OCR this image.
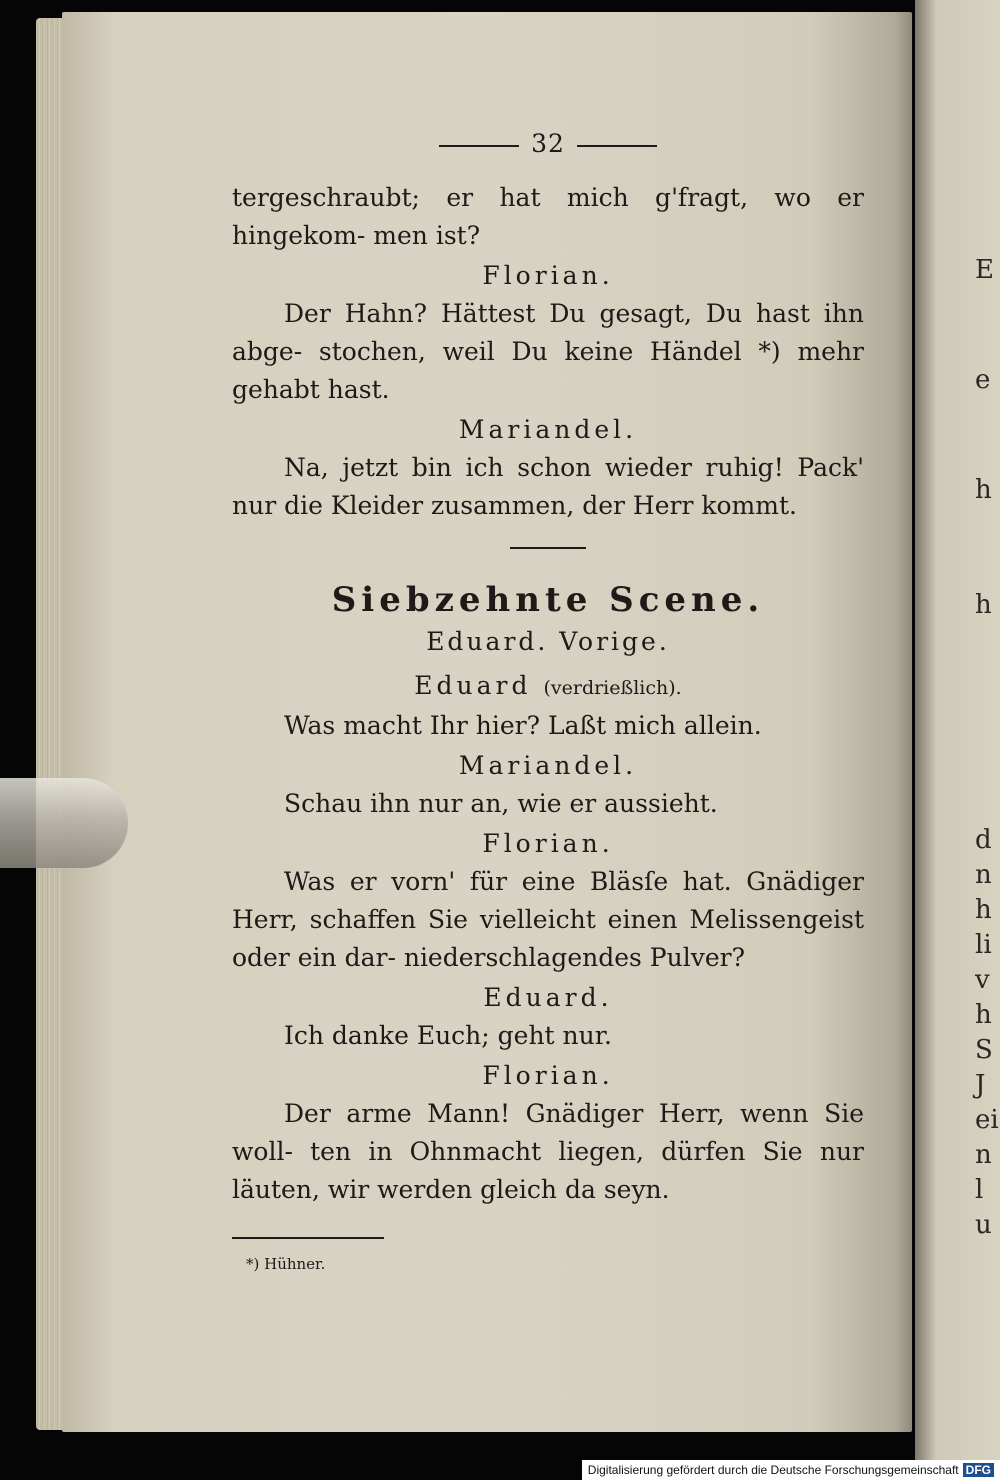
E
e
h
h
d
n
h
li
v
h
S
J
ei
n
l
u
32
tergeschraubt; er hat mich g'fragt, wo er hingekom- men ist?
Florian.
Der Hahn? Hättest Du gesagt, Du hast ihn abge- stochen, weil Du keine Händel *) mehr gehabt hast.
Mariandel.
Na, jetzt bin ich schon wieder ruhig! Pack' nur die Kleider zusammen, der Herr kommt.
Siebzehnte Scene.
Eduard. Vorige.
Eduard (verdrießlich).
Was macht Ihr hier? Laßt mich allein.
Mariandel.
Schau ihn nur an, wie er aussieht.
Florian.
Was er vorn' für eine Bläsſe hat. Gnädiger Herr, schaffen Sie vielleicht einen Melissengeist oder ein dar- niederschlagendes Pulver?
Eduard.
Ich danke Euch; geht nur.
Florian.
Der arme Mann! Gnädiger Herr, wenn Sie woll- ten in Ohnmacht liegen, dürfen Sie nur läuten, wir werden gleich da seyn.
*) Hühner.
Digitalisierung gefördert durch die Deutsche Forschungsgemeinschaft DFG
